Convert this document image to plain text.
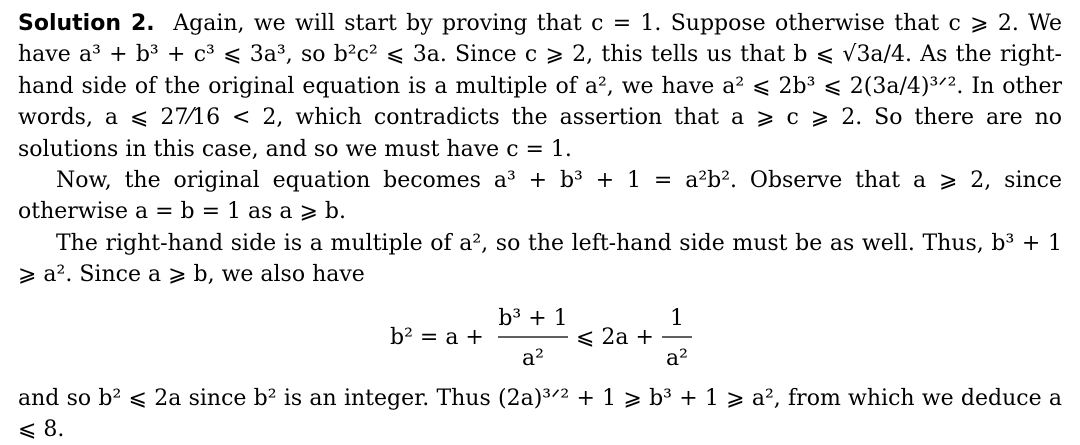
Solution 2. Again, we will start by proving that c = 1. Suppose otherwise that c ⩾ 2. We have a³ + b³ + c³ ⩽ 3a³, so b²c² ⩽ 3a. Since c ⩾ 2, this tells us that b ⩽ √3a/4. As the right-hand side of the original equation is a multiple of a², we have a² ⩽ 2b³ ⩽ 2(3a/4)³ᐟ². In other words, a ⩽ 27⁄16 < 2, which contradicts the assertion that a ⩾ c ⩾ 2. So there are no solutions in this case, and so we must have c = 1.

Now, the original equation becomes a³ + b³ + 1 = a²b². Observe that a ⩾ 2, since otherwise a = b = 1 as a ⩾ b.

The right-hand side is a multiple of a², so the left-hand side must be as well. Thus, b³ + 1 ⩾ a². Since a ⩾ b, we also have

b² = a +
b³ + 1
a²
⩽ 2a +
1
a²

and so b² ⩽ 2a since b² is an integer. Thus (2a)³ᐟ² + 1 ⩾ b³ + 1 ⩾ a², from which we deduce a ⩽ 8.
